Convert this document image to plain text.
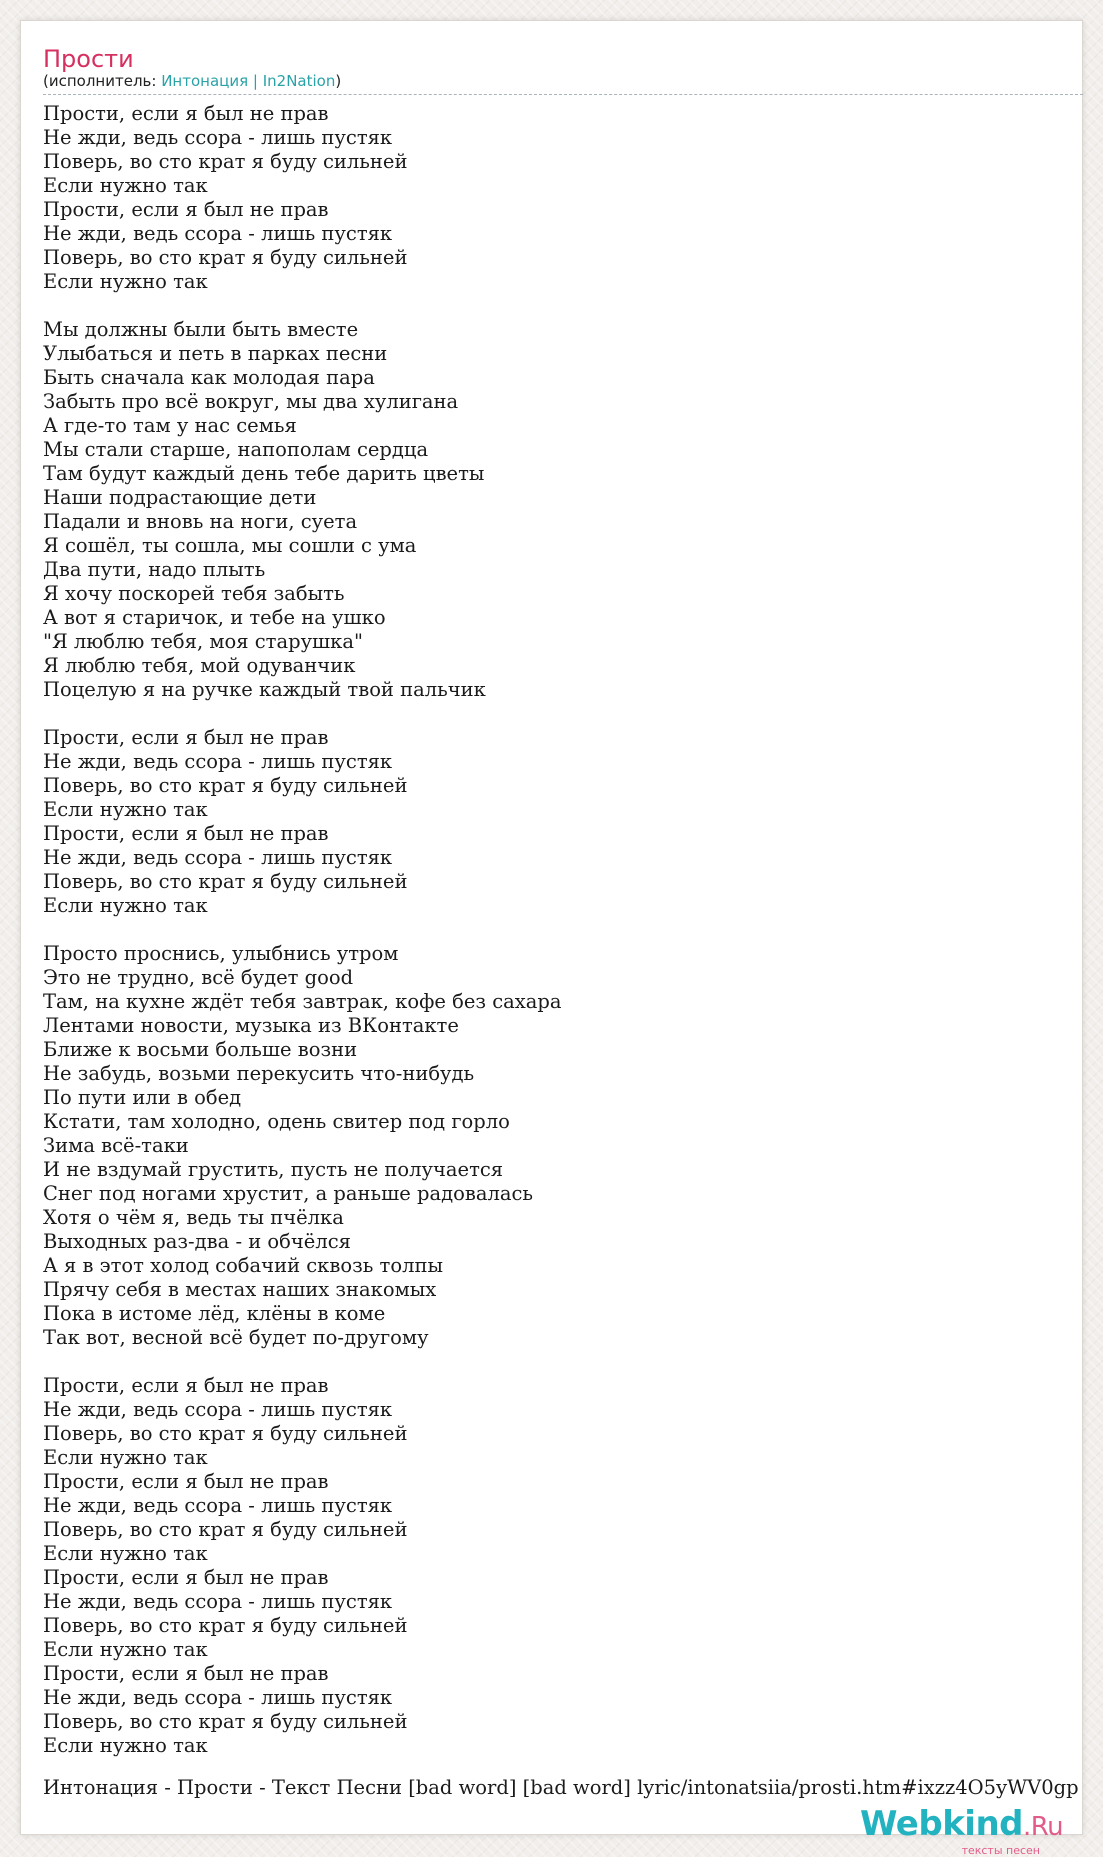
Прости
(исполнитель: Интонация | In2Nation)
Прости, если я был не прав
Не жди, ведь ссора - лишь пустяк
Поверь, во сто крат я буду сильней
Если нужно так
Прости, если я был не прав
Не жди, ведь ссора - лишь пустяк
Поверь, во сто крат я буду сильней
Если нужно так
Мы должны были быть вместе
Улыбаться и петь в парках песни
Быть сначала как молодая пара
Забыть про всё вокруг, мы два хулигана
А где-то там у нас семья
Мы стали старше, напополам сердца
Там будут каждый день тебе дарить цветы
Наши подрастающие дети
Падали и вновь на ноги, суета
Я сошёл, ты сошла, мы сошли с ума
Два пути, надо плыть
Я хочу поскорей тебя забыть
А вот я старичок, и тебе на ушко
"Я люблю тебя, моя старушка"
Я люблю тебя, мой одуванчик
Поцелую я на ручке каждый твой пальчик
Прости, если я был не прав
Не жди, ведь ссора - лишь пустяк
Поверь, во сто крат я буду сильней
Если нужно так
Прости, если я был не прав
Не жди, ведь ссора - лишь пустяк
Поверь, во сто крат я буду сильней
Если нужно так
Просто проснись, улыбнись утром
Это не трудно, всё будет good
Там, на кухне ждёт тебя завтрак, кофе без сахара
Лентами новости, музыка из ВКонтакте
Ближе к восьми больше возни
Не забудь, возьми перекусить что-нибудь
По пути или в обед
Кстати, там холодно, одень свитер под горло
Зима всё-таки
И не вздумай грустить, пусть не получается
Снег под ногами хрустит, а раньше радовалась
Хотя о чём я, ведь ты пчёлка
Выходных раз-два - и обчёлся
А я в этот холод собачий сквозь толпы
Прячу себя в местах наших знакомых
Пока в истоме лёд, клёны в коме
Так вот, весной всё будет по-другому
Прости, если я был не прав
Не жди, ведь ссора - лишь пустяк
Поверь, во сто крат я буду сильней
Если нужно так
Прости, если я был не прав
Не жди, ведь ссора - лишь пустяк
Поверь, во сто крат я буду сильней
Если нужно так
Прости, если я был не прав
Не жди, ведь ссора - лишь пустяк
Поверь, во сто крат я буду сильней
Если нужно так
Прости, если я был не прав
Не жди, ведь ссора - лишь пустяк
Поверь, во сто крат я буду сильней
Если нужно так
Интонация - Прости - Текст Песни [bad word] [bad word] lyric/intonatsiia/prosti.htm#ixzz4O5yWV0gp
Webkind.Ru
тексты песен
